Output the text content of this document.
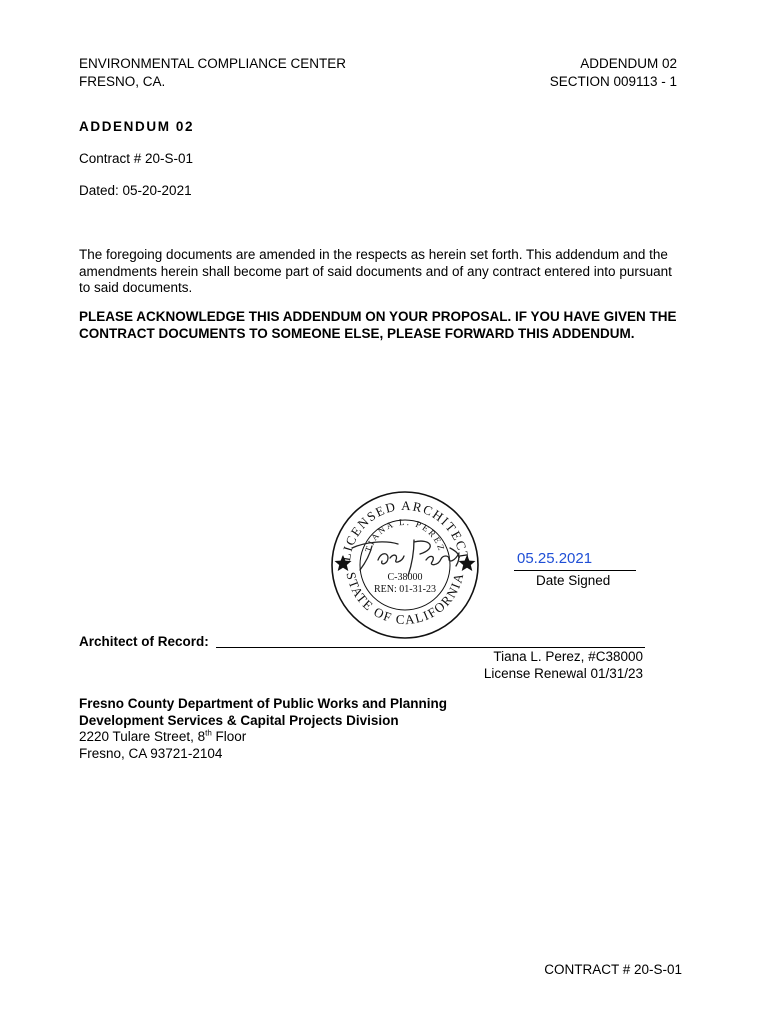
ENVIRONMENTAL COMPLIANCE CENTER
FRESNO, CA.
ADDENDUM 02
SECTION 009113 - 1
ADDENDUM 02
Contract # 20-S-01
Dated: 05-20-2021
The foregoing documents are amended in the respects as herein set forth. This addendum and the amendments herein shall become part of said documents and of any contract entered into pursuant to said documents.
PLEASE ACKNOWLEDGE THIS ADDENDUM ON YOUR PROPOSAL. IF YOU HAVE GIVEN THE CONTRACT DOCUMENTS TO SOMEONE ELSE, PLEASE FORWARD THIS ADDENDUM.
LICENSED ARCHITECT
TIANA L. PEREZ
STATE OF CALIFORNIA
C-38000
REN: 01-31-23
05.25.2021
Date Signed
Architect of Record:
Tiana L. Perez, #C38000
License Renewal 01/31/23
Fresno County Department of Public Works and Planning
Development Services & Capital Projects Division
2220 Tulare Street, 8th Floor
Fresno, CA 93721-2104
CONTRACT # 20-S-01
